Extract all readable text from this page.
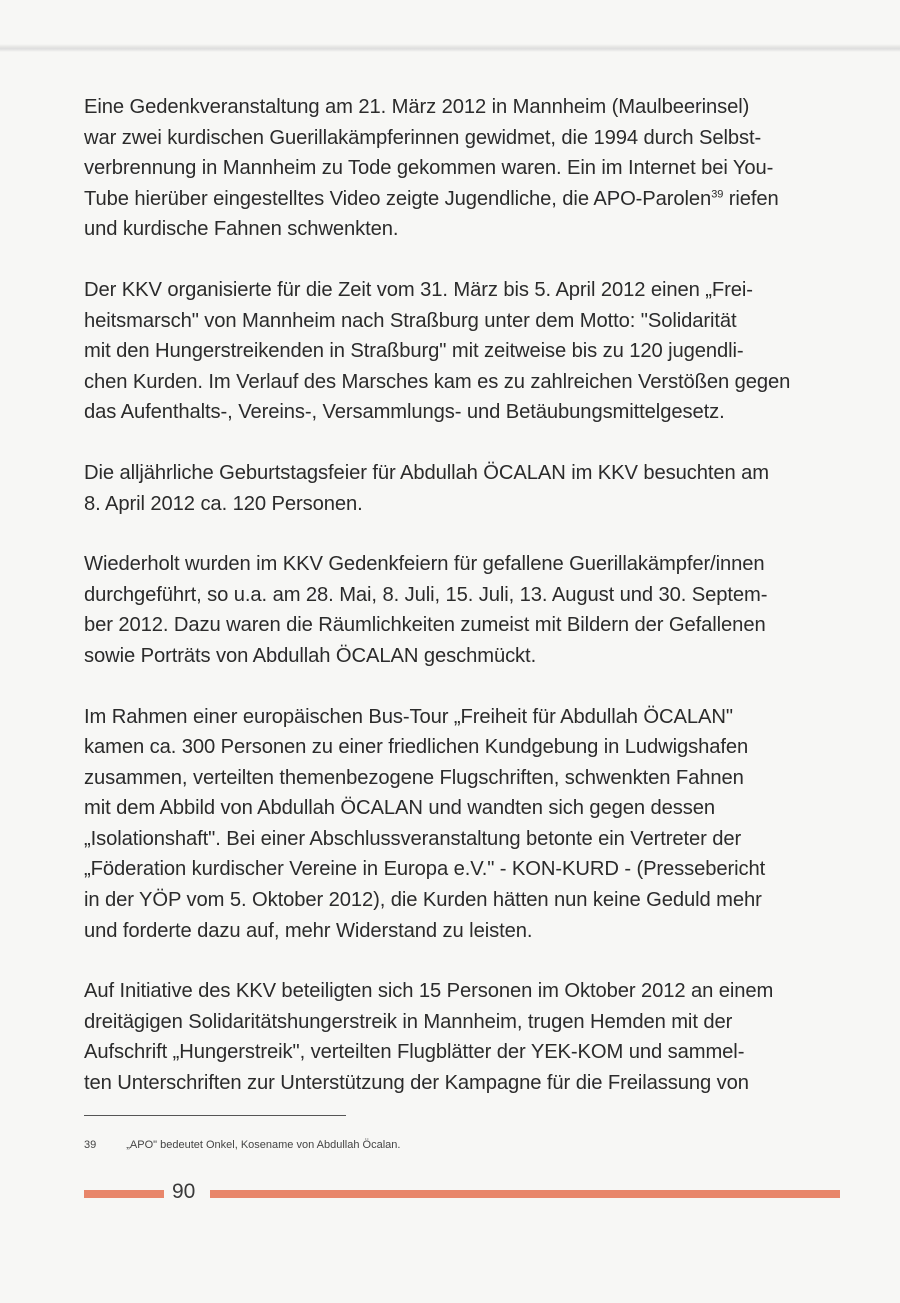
Eine Gedenkveranstaltung am 21. März 2012 in Mannheim (Maulbeerinsel)
war zwei kurdischen Guerillakämpferinnen gewidmet, die 1994 durch Selbst-
verbrennung in Mannheim zu Tode gekommen waren. Ein im Internet bei You-
Tube hierüber eingestelltes Video zeigte Jugendliche, die APO-Parolen$^{39}$ riefen
und kurdische Fahnen schwenkten.

Der KKV organisierte für die Zeit vom 31. März bis 5. April 2012 einen „Frei-
heitsmarsch" von Mannheim nach Straßburg unter dem Motto: "Solidarität
mit den Hungerstreikenden in Straßburg" mit zeitweise bis zu 120 jugendli-
chen Kurden. Im Verlauf des Marsches kam es zu zahlreichen Verstößen gegen
das Aufenthalts-, Vereins-, Versammlungs- und Betäubungsmittelgesetz.

Die alljährliche Geburtstagsfeier für Abdullah ÖCALAN im KKV besuchten am
8. April 2012 ca. 120 Personen.

Wiederholt wurden im KKV Gedenkfeiern für gefallene Guerillakämpfer/innen
durchgeführt, so u.a. am 28. Mai, 8. Juli, 15. Juli, 13. August und 30. Septem-
ber 2012. Dazu waren die Räumlichkeiten zumeist mit Bildern der Gefallenen
sowie Porträts von Abdullah ÖCALAN geschmückt.

Im Rahmen einer europäischen Bus-Tour „Freiheit für Abdullah ÖCALAN"
kamen ca. 300 Personen zu einer friedlichen Kundgebung in Ludwigshafen
zusammen, verteilten themenbezogene Flugschriften, schwenkten Fahnen
mit dem Abbild von Abdullah ÖCALAN und wandten sich gegen dessen
„Isolationshaft". Bei einer Abschlussveranstaltung betonte ein Vertreter der
„Föderation kurdischer Vereine in Europa e.V." - KON-KURD - (Pressebericht
in der YÖP vom 5. Oktober 2012), die Kurden hätten nun keine Geduld mehr
und forderte dazu auf, mehr Widerstand zu leisten.

Auf Initiative des KKV beteiligten sich 15 Personen im Oktober 2012 an einem
dreitägigen Solidaritätshungerstreik in Mannheim, trugen Hemden mit der
Aufschrift „Hungerstreik", verteilten Flugblätter der YEK-KOM und sammel-
ten Unterschriften zur Unterstützung der Kampagne für die Freilassung von

39	„APO" bedeutet Onkel, Kosename von Abdullah Öcalan.
90
